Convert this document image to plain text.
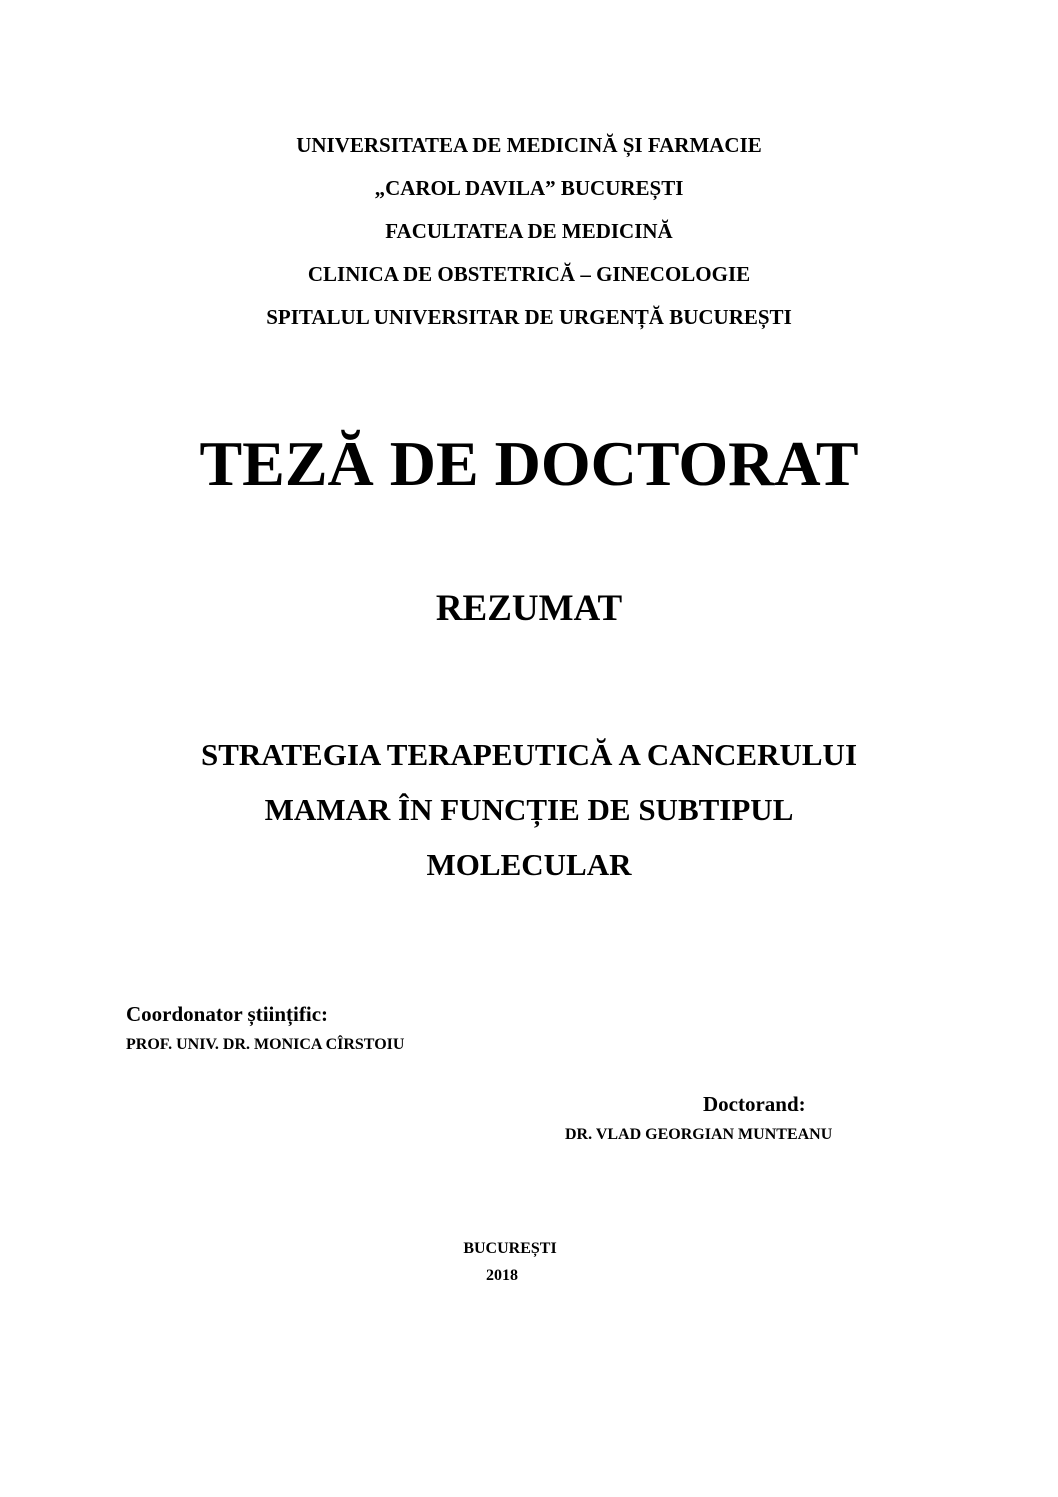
UNIVERSITATEA DE MEDICINĂ ȘI FARMACIE
„CAROL DAVILA” BUCUREȘTI
FACULTATEA DE MEDICINĂ
CLINICA DE OBSTETRICĂ – GINECOLOGIE
SPITALUL UNIVERSITAR DE URGENȚĂ BUCUREȘTI
TEZĂ DE DOCTORAT
REZUMAT
STRATEGIA TERAPEUTICĂ A CANCERULUI
MAMAR ÎN FUNCȚIE DE SUBTIPUL
MOLECULAR
Coordonator științific:
PROF. UNIV. DR. MONICA CÎRSTOIU
Doctorand:
DR. VLAD GEORGIAN MUNTEANU
BUCUREȘTI
2018
